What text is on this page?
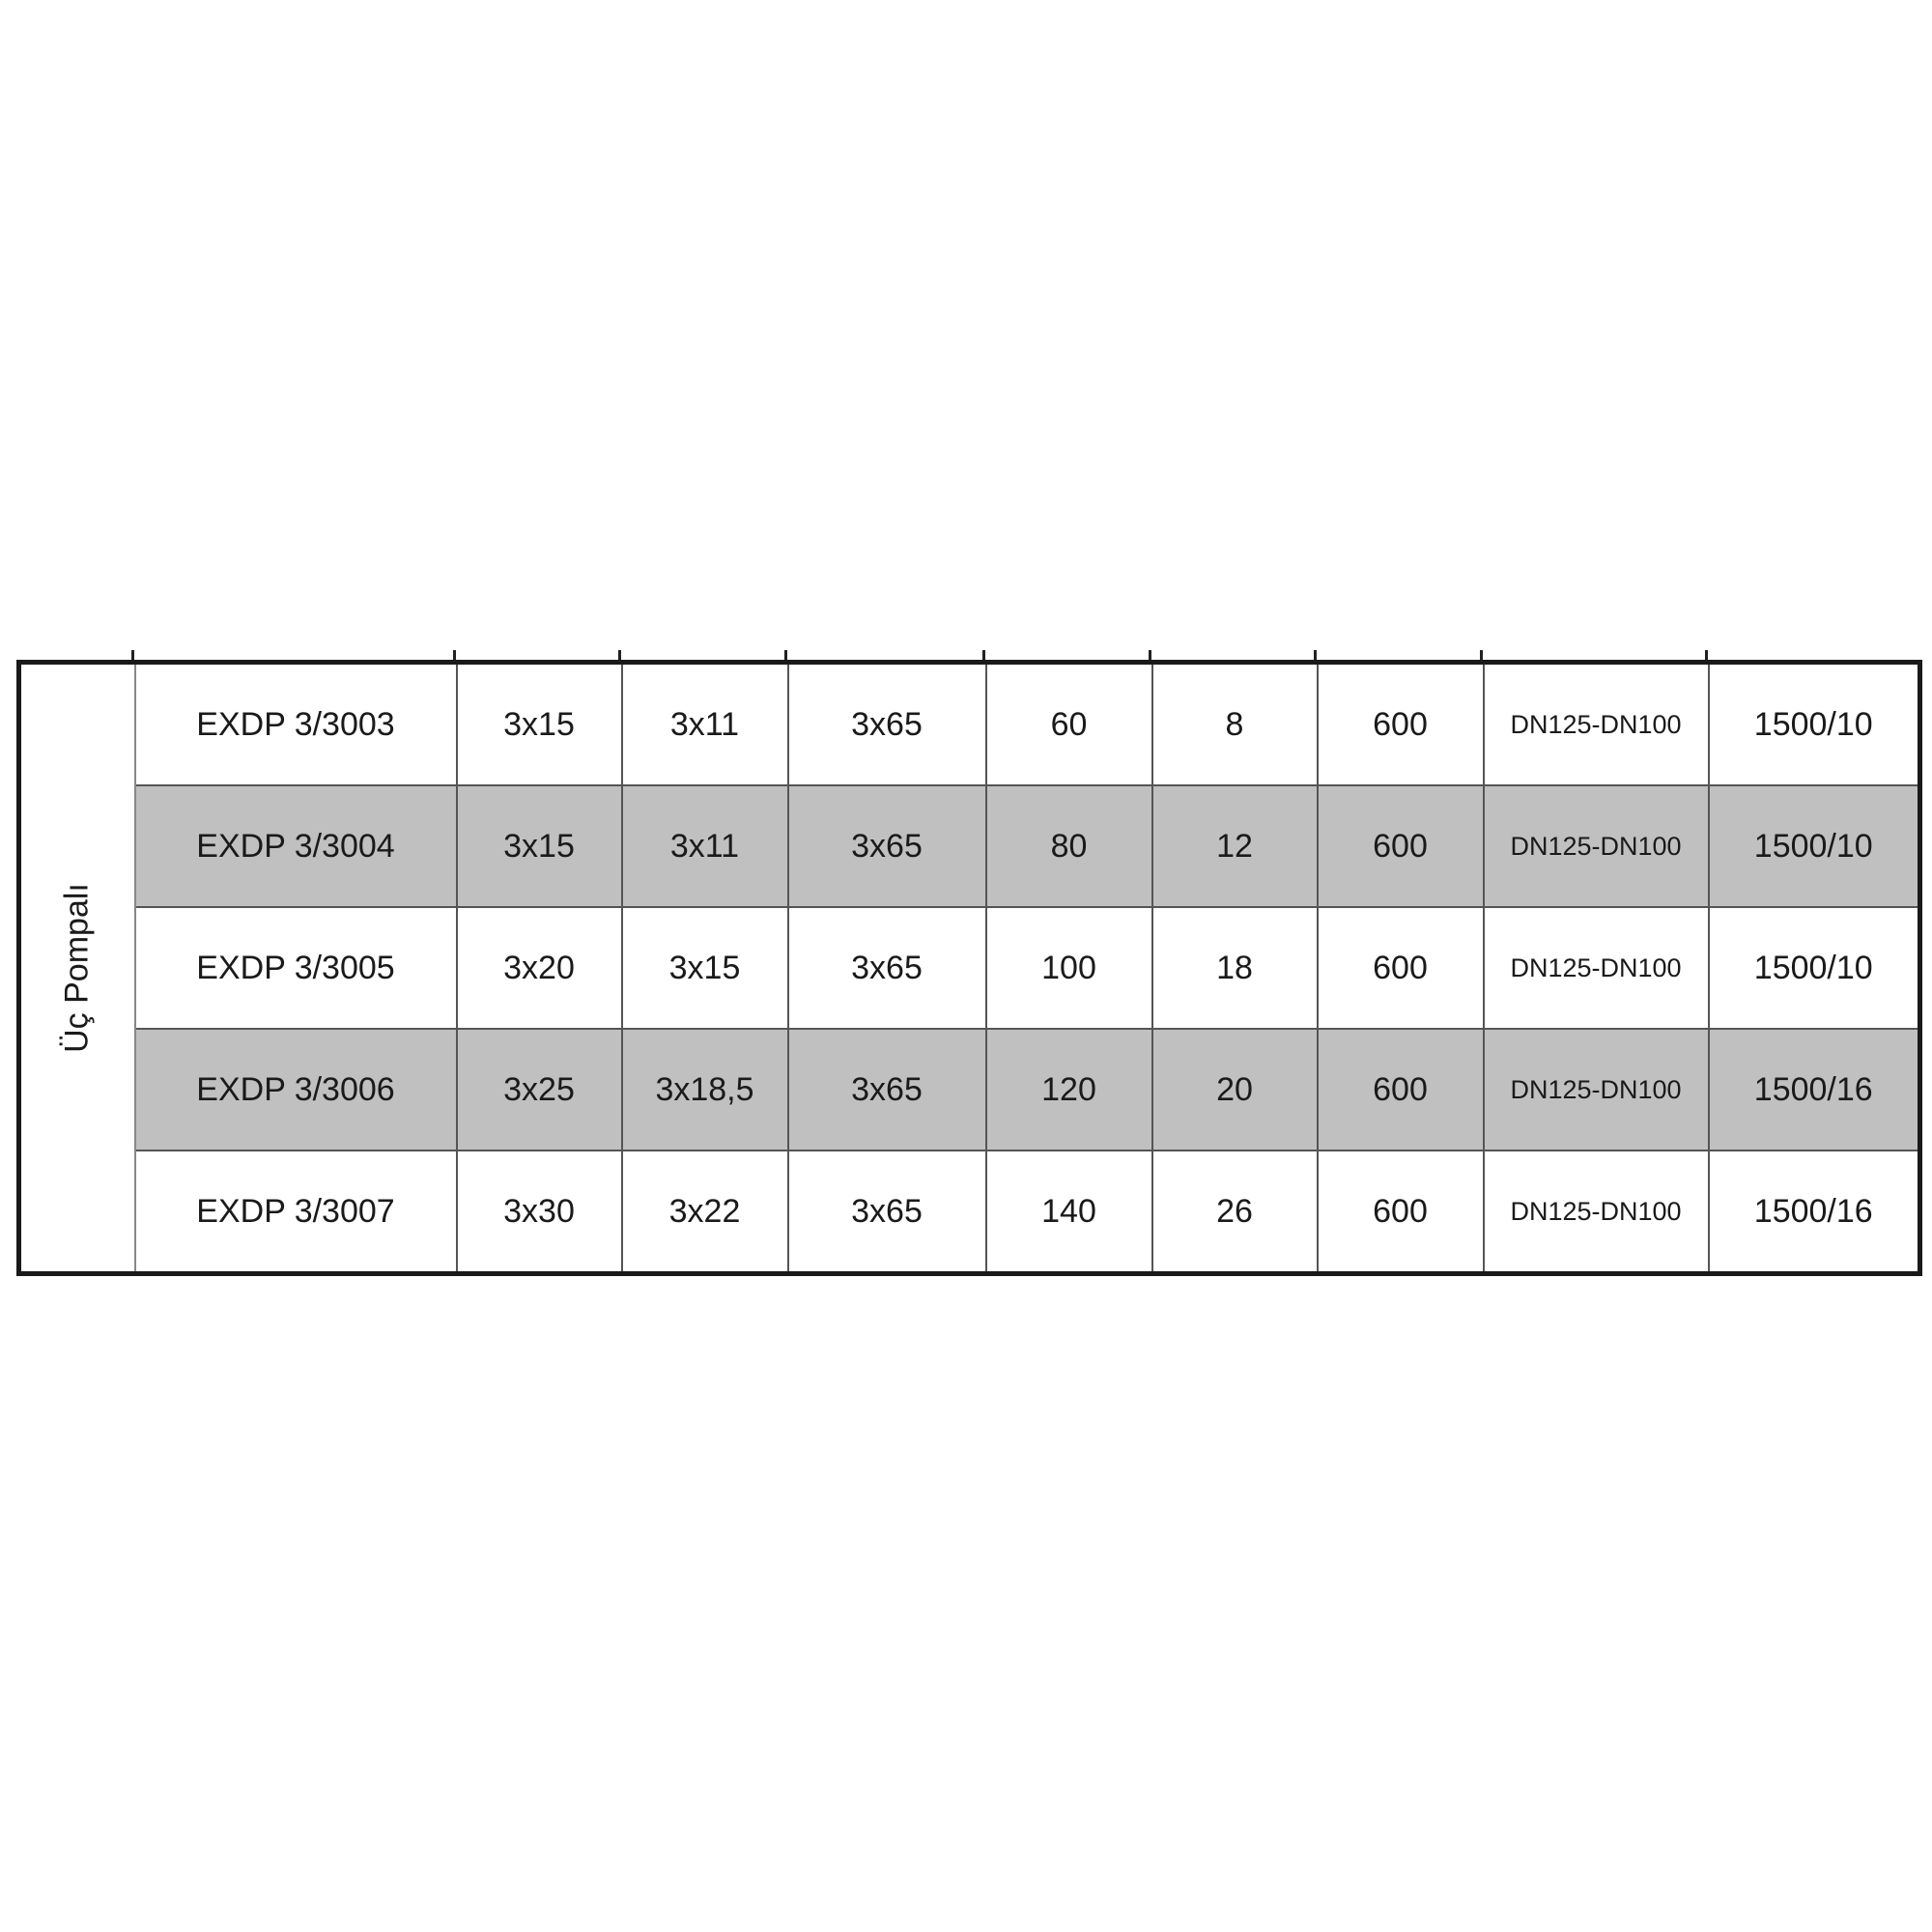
Üç Pompalı	EXDP 3/3003	3x15	3x11	3x65	60	8	600	DN125-DN100	1500/10
	EXDP 3/3004	3x15	3x11	3x65	80	12	600	DN125-DN100	1500/10
	EXDP 3/3005	3x20	3x15	3x65	100	18	600	DN125-DN100	1500/10
	EXDP 3/3006	3x25	3x18,5	3x65	120	20	600	DN125-DN100	1500/16
	EXDP 3/3007	3x30	3x22	3x65	140	26	600	DN125-DN100	1500/16
